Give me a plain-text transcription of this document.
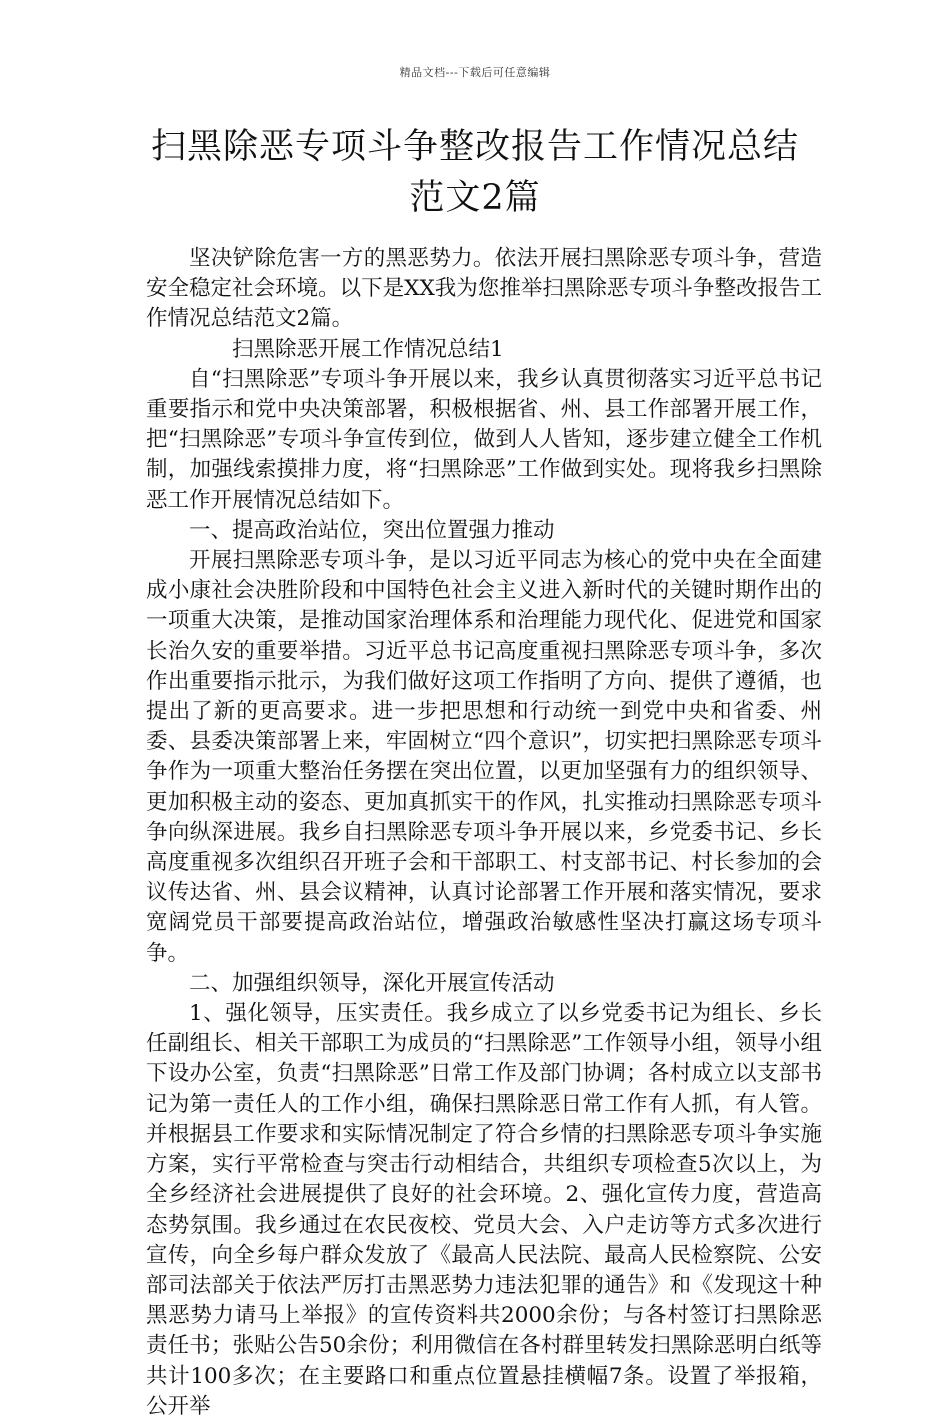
精品文档---下载后可任意编辑
扫黑除恶专项斗争整改报告工作情况总结
范文2篇

坚决铲除危害一方的黑恶势力。依法开展扫黑除恶专项斗争，营造安全稳定社会环境。以下是XX我为您推举扫黑除恶专项斗争整改报告工作情况总结范文2篇。

扫黑除恶开展工作情况总结1

自“扫黑除恶”专项斗争开展以来，我乡认真贯彻落实习近平总书记重要指示和党中央决策部署，积极根据省、州、县工作部署开展工作，把“扫黑除恶”专项斗争宣传到位，做到人人皆知，逐步建立健全工作机制，加强线索摸排力度，将“扫黑除恶”工作做到实处。现将我乡扫黑除恶工作开展情况总结如下。

一、提高政治站位，突出位置强力推动

开展扫黑除恶专项斗争，是以习近平同志为核心的党中央在全面建成小康社会决胜阶段和中国特色社会主义进入新时代的关键时期作出的一项重大决策，是推动国家治理体系和治理能力现代化、促进党和国家长治久安的重要举措。习近平总书记高度重视扫黑除恶专项斗争，多次作出重要指示批示，为我们做好这项工作指明了方向、提供了遵循，也提出了新的更高要求。进一步把思想和行动统一到党中央和省委、州委、县委决策部署上来，牢固树立“四个意识”，切实把扫黑除恶专项斗争作为一项重大整治任务摆在突出位置，以更加坚强有力的组织领导、更加积极主动的姿态、更加真抓实干的作风，扎实推动扫黑除恶专项斗争向纵深进展。我乡自扫黑除恶专项斗争开展以来，乡党委书记、乡长高度重视多次组织召开班子会和干部职工、村支部书记、村长参加的会议传达省、州、县会议精神，认真讨论部署工作开展和落实情况，要求宽阔党员干部要提高政治站位，增强政治敏感性坚决打赢这场专项斗争。

二、加强组织领导，深化开展宣传活动

1、强化领导，压实责任。我乡成立了以乡党委书记为组长、乡长任副组长、相关干部职工为成员的“扫黑除恶”工作领导小组，领导小组下设办公室，负责“扫黑除恶”日常工作及部门协调；各村成立以支部书记为第一责任人的工作小组，确保扫黑除恶日常工作有人抓，有人管。并根据县工作要求和实际情况制定了符合乡情的扫黑除恶专项斗争实施方案，实行平常检查与突击行动相结合，共组织专项检查5次以上，为全乡经济社会进展提供了良好的社会环境。2、强化宣传力度，营造高态势氛围。我乡通过在农民夜校、党员大会、入户走访等方式多次进行宣传，向全乡每户群众发放了《最高人民法院、最高人民检察院、公安部司法部关于依法严厉打击黑恶势力违法犯罪的通告》和《发现这十种黑恶势力请马上举报》的宣传资料共2000余份；与各村签订扫黑除恶责任书；张贴公告50余份；利用微信在各村群里转发扫黑除恶明白纸等共计100多次；在主要路口和重点位置悬挂横幅7条。设置了举报箱，公开举
